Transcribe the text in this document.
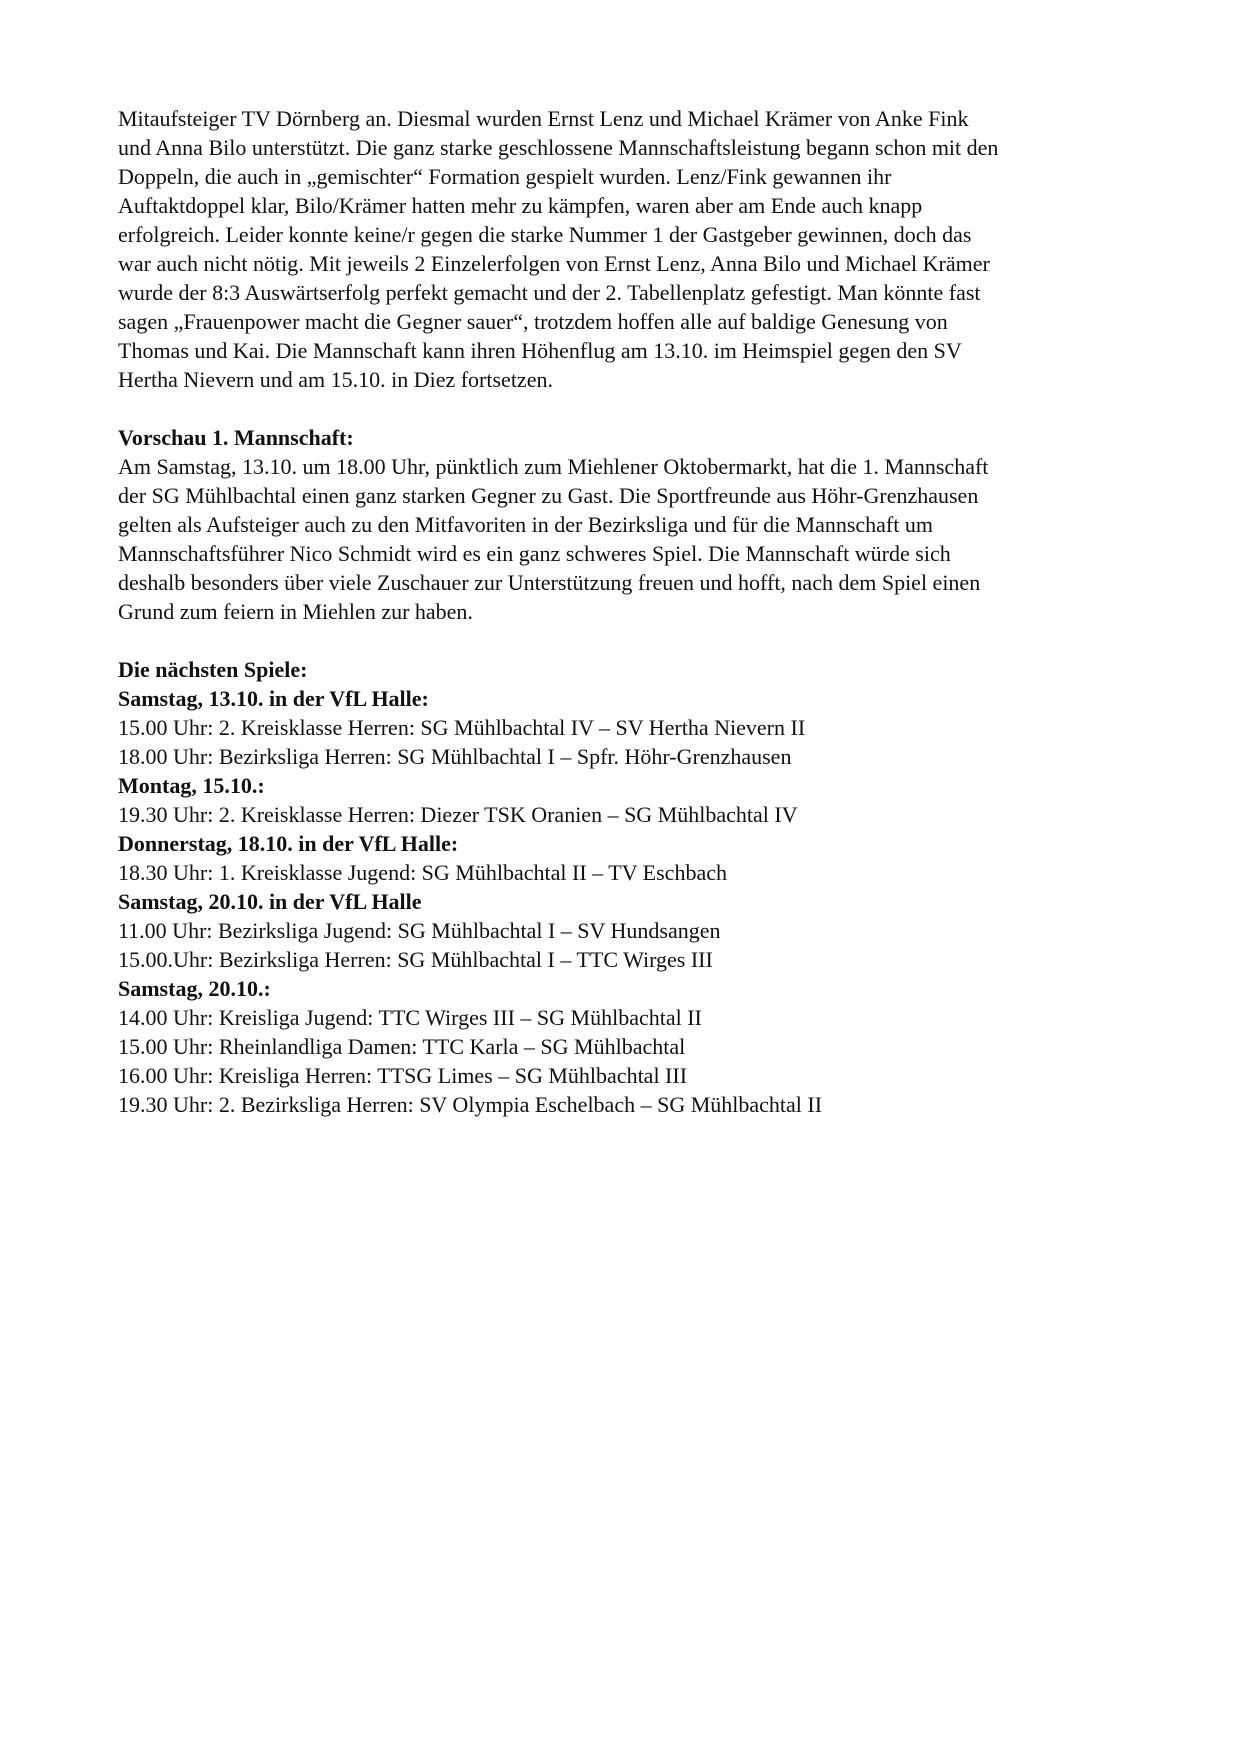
Mitaufsteiger TV Dörnberg an. Diesmal wurden Ernst Lenz und Michael Krämer von Anke Fink
und Anna Bilo unterstützt. Die ganz starke geschlossene Mannschaftsleistung begann schon mit den
Doppeln, die auch in „gemischter“ Formation gespielt wurden. Lenz/Fink gewannen ihr
Auftaktdoppel klar, Bilo/Krämer hatten mehr zu kämpfen, waren aber am Ende auch knapp
erfolgreich. Leider konnte keine/r gegen die starke Nummer 1 der Gastgeber gewinnen, doch das
war auch nicht nötig. Mit jeweils 2 Einzelerfolgen von Ernst Lenz, Anna Bilo und Michael Krämer
wurde der 8:3 Auswärtserfolg perfekt gemacht und der 2. Tabellenplatz gefestigt. Man könnte fast
sagen „Frauenpower macht die Gegner sauer“, trotzdem hoffen alle auf baldige Genesung von
Thomas und Kai. Die Mannschaft kann ihren Höhenflug am 13.10. im Heimspiel gegen den SV
Hertha Nievern und am 15.10. in Diez fortsetzen.
Vorschau 1. Mannschaft:
Am Samstag, 13.10. um 18.00 Uhr, pünktlich zum Miehlener Oktobermarkt, hat die 1. Mannschaft
der SG Mühlbachtal einen ganz starken Gegner zu Gast. Die Sportfreunde aus Höhr-Grenzhausen
gelten als Aufsteiger auch zu den Mitfavoriten in der Bezirksliga und für die Mannschaft um
Mannschaftsführer Nico Schmidt wird es ein ganz schweres Spiel. Die Mannschaft würde sich
deshalb besonders über viele Zuschauer zur Unterstützung freuen und hofft, nach dem Spiel einen
Grund zum feiern in Miehlen zur haben.
Die nächsten Spiele:
Samstag, 13.10. in der VfL Halle:
15.00 Uhr: 2. Kreisklasse Herren: SG Mühlbachtal IV – SV Hertha Nievern II
18.00 Uhr: Bezirksliga Herren: SG Mühlbachtal I – Spfr. Höhr-Grenzhausen
Montag, 15.10.:
19.30 Uhr: 2. Kreisklasse Herren: Diezer TSK Oranien – SG Mühlbachtal IV
Donnerstag, 18.10. in der VfL Halle:
18.30 Uhr: 1. Kreisklasse Jugend: SG Mühlbachtal II – TV Eschbach
Samstag, 20.10. in der VfL Halle
11.00 Uhr: Bezirksliga Jugend: SG Mühlbachtal I – SV Hundsangen
15.00.Uhr: Bezirksliga Herren: SG Mühlbachtal I – TTC Wirges III
Samstag, 20.10.:
14.00 Uhr: Kreisliga Jugend: TTC Wirges III – SG Mühlbachtal II
15.00 Uhr: Rheinlandliga Damen: TTC Karla – SG Mühlbachtal
16.00 Uhr: Kreisliga Herren: TTSG Limes – SG Mühlbachtal III
19.30 Uhr: 2. Bezirksliga Herren: SV Olympia Eschelbach – SG Mühlbachtal II
